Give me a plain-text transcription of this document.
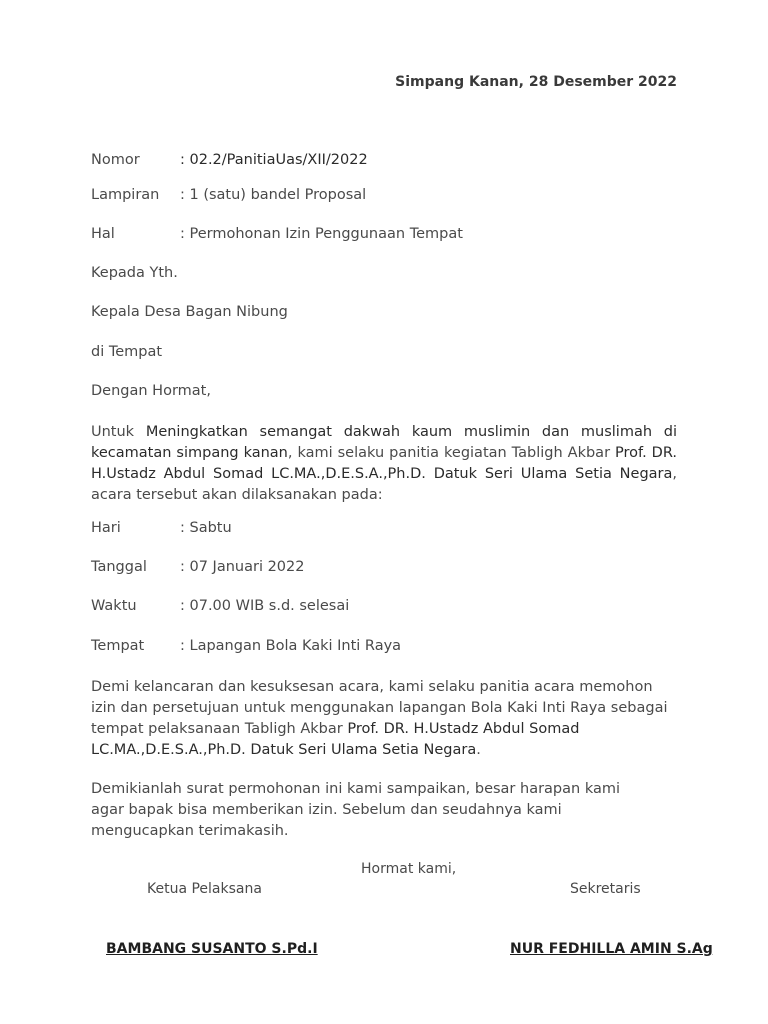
Simpang Kanan, 28 Desember 2022
Nomor	: 02.2/PanitiaUas/XII/2022
Lampiran : 1 (satu) bandel Proposal
Hal	: Permohonan Izin Penggunaan Tempat
Kepada Yth.
Kepala Desa Bagan Nibung
di Tempat
Dengan Hormat,
Untuk Meningkatkan semangat dakwah kaum muslimin dan muslimah di kecamatan simpang kanan, kami selaku panitia kegiatan Tabligh Akbar Prof. DR. H.Ustadz Abdul Somad LC.MA.,D.E.S.A.,Ph.D. Datuk Seri Ulama Setia Negara, acara tersebut akan dilaksanakan pada:
Hari	: Sabtu
Tanggal : 07 Januari 2022
Waktu	: 07.00 WIB s.d. selesai
Tempat : Lapangan Bola Kaki Inti Raya
Demi kelancaran dan kesuksesan acara, kami selaku panitia acara memohon izin dan persetujuan untuk menggunakan lapangan Bola Kaki Inti Raya sebagai tempat pelaksanaan Tabligh Akbar Prof. DR. H.Ustadz Abdul Somad LC.MA.,D.E.S.A.,Ph.D. Datuk Seri Ulama Setia Negara.
Demikianlah surat permohonan ini kami sampaikan, besar harapan kami agar bapak bisa memberikan izin. Sebelum dan seudahnya kami mengucapkan terimakasih.
Hormat kami,
Ketua Pelaksana	Sekretaris
BAMBANG SUSANTO S.Pd.I	NUR FEDHILLA AMIN S.Ag
